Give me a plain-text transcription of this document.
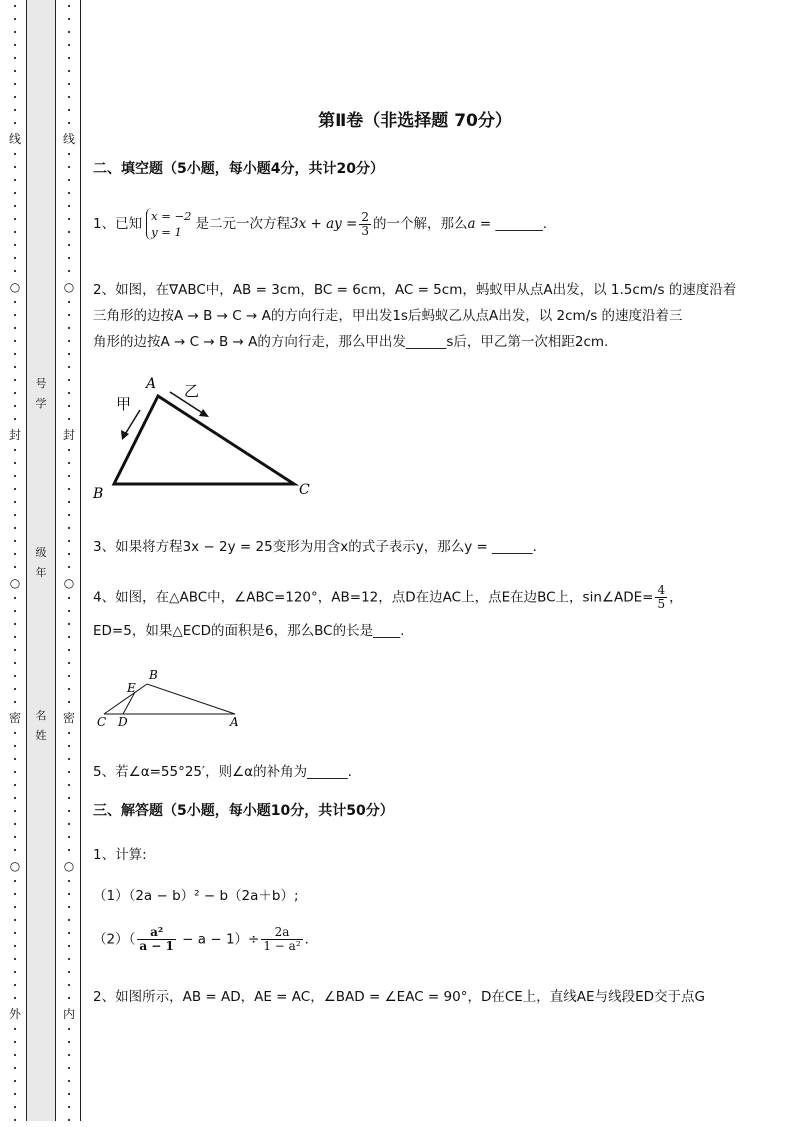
·
·
·
·
·
·
·
·
·
·
线
·
·
·
·
·
·
·
·
·
·
○
·
·
·
·
·
·
·
·
·
·
封
·
·
·
·
·
·
·
·
·
·
○
·
·
·
·
·
·
·
·
·
密
·
·
·
·
·
·
·
·
·
·
○
·
·
·
·
·
·
·
·
·
·
外
·
·
·
·
·
·
·
·
号
学
级
年
名
姓
·
·
·
·
·
·
·
·
·
·
线
·
·
·
·
·
·
·
·
·
·
○
·
·
·
·
·
·
·
·
·
·
封
·
·
·
·
·
·
·
·
·
·
○
·
·
·
·
·
·
·
·
·
密
·
·
·
·
·
·
·
·
·
·
○
·
·
·
·
·
·
·
·
·
·
内
·
·
·
·
·
·
·
·
第Ⅱ卷（非选择题 70分）
二、填空题（5小题，每小题4分，共计20分）
1、已知 x = −2
y = 1	是二元一次方程3x + ay = $\frac{2}{3}$ 的一个解，那么a = _______.
2、如图，在∇ABC中，AB = 3cm，BC = 6cm，AC = 5cm，蚂蚁甲从点A出发，以 1.5cm/s 的速度沿着
三角形的边按A → B → C → A的方向行走，甲出发1s后蚂蚁乙从点A出发，以 2cm/s 的速度沿着三
角形的边按A → C → B → A的方向行走，那么甲出发______s后，甲乙第一次相距2cm.
A
B	C
甲
乙
3、如果将方程3x − 2y = 25变形为用含x的式子表示y，那么y = ______.
4、如图，在△ABC中，∠ABC=120°，AB=12，点D在边AC上，点E在边BC上，sin∠ADE= $\frac{4}{5}$ ，
ED=5，如果△ECD的面积是6，那么BC的长是____.
B
E
C D	A
5、若∠α=55°25′，则∠α的补角为______.
三、解答题（5小题，每小题10分，共计50分）
1、计算:
（1）（2a − b）² − b（2a＋b）;
$(2)( \frac{\text{a²}}{a - 1} - a - 1)\div \frac{2a}{\text{1 − a²}}$ .
2、如图所示，AB = AD，AE = AC，∠BAD = ∠EAC = 90°，D在CE上，直线AE与线段ED交于点G
